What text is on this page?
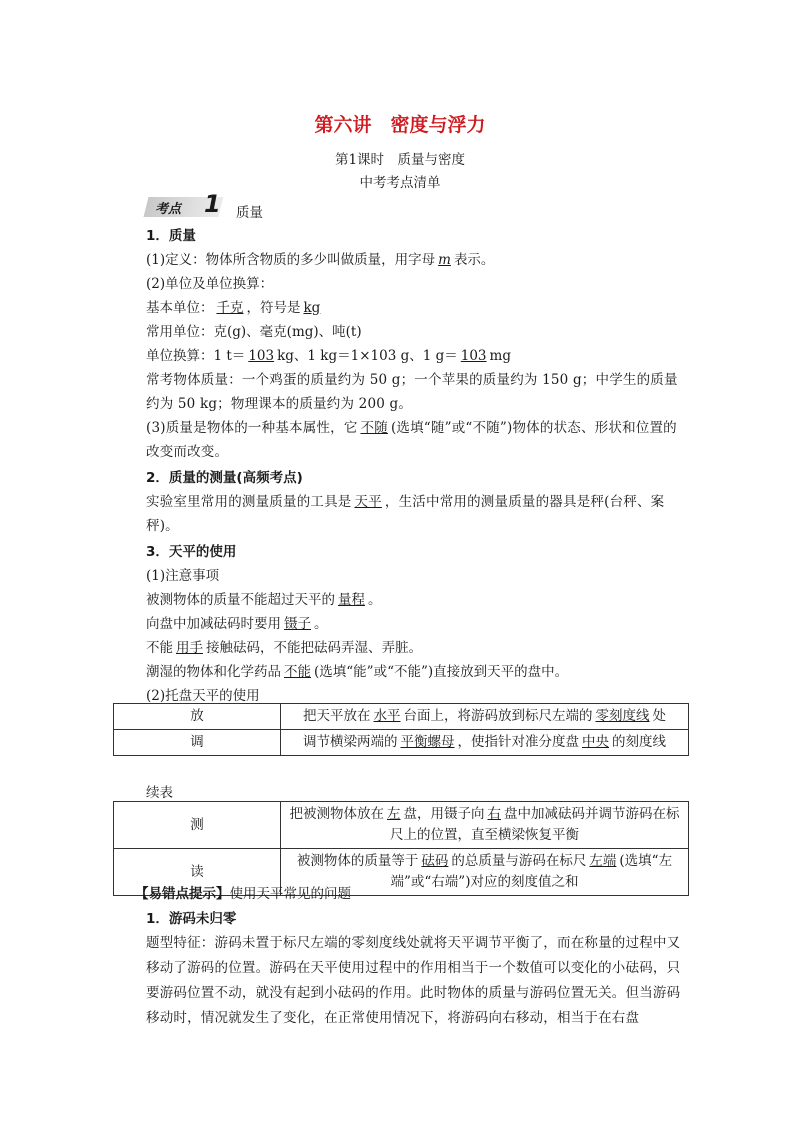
第六讲　密度与浮力
第1课时　质量与密度
中考考点清单
考点 1 质量
1．质量
(1)定义：物体所含物质的多少叫做质量，用字母 m 表示。
(2)单位及单位换算：
基本单位： 千克 ，符号是 kg
常用单位：克(g)、毫克(mg)、吨(t)
单位换算：1 t＝ 103 kg、1 kg＝1×103 g、1 g＝ 103 mg
常考物体质量：一个鸡蛋的质量约为 50 g；一个苹果的质量约为 150 g；中学生的质量约为 50 kg；物理课本的质量约为 200 g。
(3)质量是物体的一种基本属性，它 不随 (选填“随”或“不随”)物体的状态、形状和位置的改变而改变。
2．质量的测量(高频考点)
实验室里常用的测量质量的工具是 天平 ，生活中常用的测量质量的器具是秤(台秤、案秤)。
3．天平的使用
(1)注意事项
被测物体的质量不能超过天平的 量程 。
向盘中加减砝码时要用 镊子 。
不能 用手 接触砝码，不能把砝码弄湿、弄脏。
潮湿的物体和化学药品 不能 (选填“能”或“不能”)直接放到天平的盘中。
(2)托盘天平的使用
放	把天平放在 水平 台面上，将游码放到标尺左端的 零刻度线 处
调	调节横梁两端的 平衡螺母 ，使指针对准分度盘 中央 的刻度线
续表
测	把被测物体放在 左 盘，用镊子向 右 盘中加减砝码并调节游码在标尺上的位置，直至横梁恢复平衡
读	被测物体的质量等于 砝码 的总质量与游码在标尺 左端 (选填“左端”或“右端”)对应的刻度值之和
【易错点提示】使用天平常见的问题
1．游码未归零
题型特征：游码未置于标尺左端的零刻度线处就将天平调节平衡了，而在称量的过程中又移动了游码的位置。游码在天平使用过程中的作用相当于一个数值可以变化的小砝码，只要游码位置不动，就没有起到小砝码的作用。此时物体的质量与游码位置无关。但当游码移动时，情况就发生了变化，在正常使用情况下，将游码向右移动，相当于在右盘
